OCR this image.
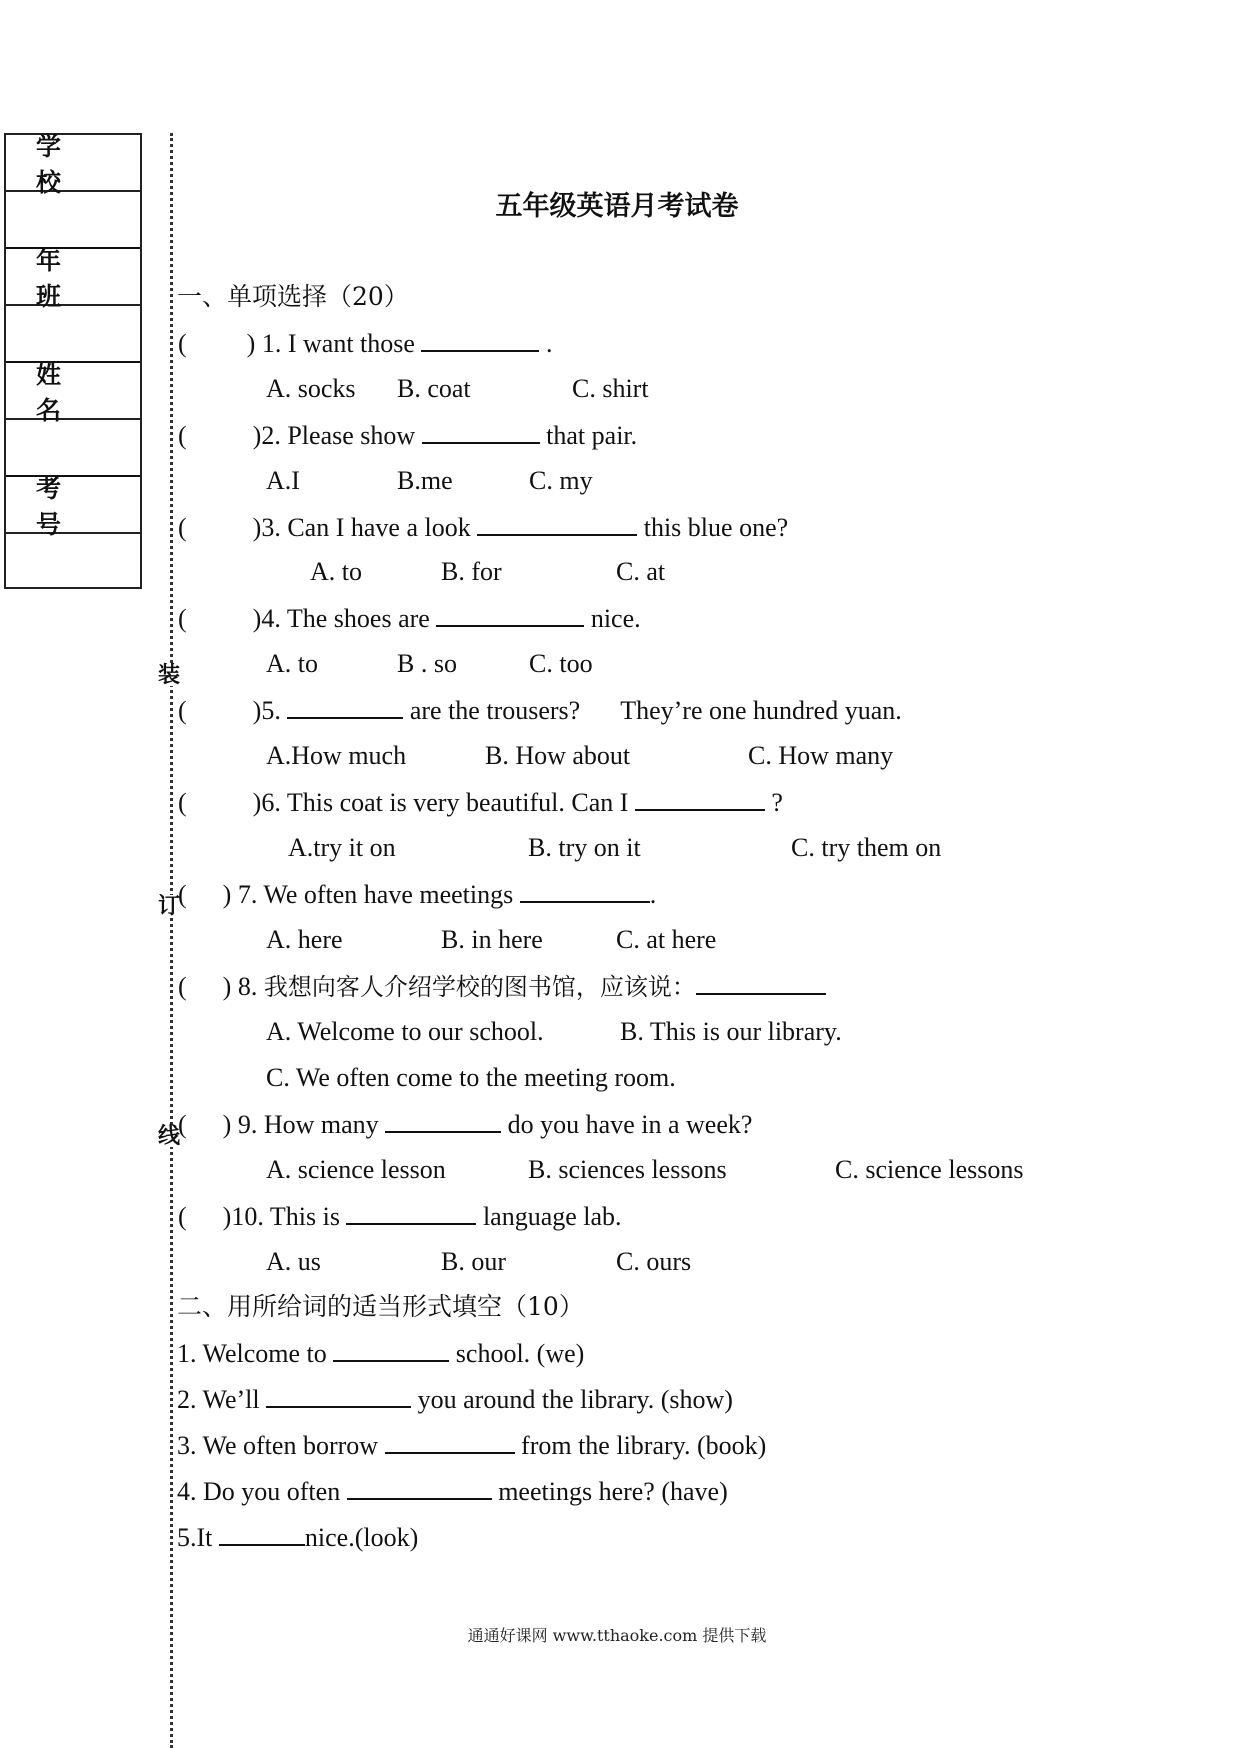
学校
年班
姓名
考号
装
订
线
五年级英语月考试卷
一、单项选择（20）
( ) 1. I want those	.
A. socks B. coat	C. shirt
(	)2. Please show	that pair.
A.I	B.me	C. my
(	)3. Can I have a look	this blue one?
A. to	B. for	C. at
(	)4. The shoes are	nice.
A. to	B . so	C. too
(	)5.	are the trousers? They’re one hundred yuan.
A.How much	B. How about	C. How many
(	)6. This coat is very beautiful. Can I	?
A.try it on	B. try on it	C. try them on
( ) 7. We often have meetings	.
A. here	B. in here	C. at here
( ) 8. 我想向客人介绍学校的图书馆，应该说：
A. Welcome to our school.	B. This is our library.
C. We often come to the meeting room.
( ) 9. How many	do you have in a week?
A. science lesson	B. sciences lessons	C. science lessons
( )10. This is	language lab.
A. us	B. our	C. ours
二、用所给词的适当形式填空（10）
1. Welcome to	school. (we)
2. We’ll	you around the library. (show)
3. We often borrow	from the library. (book)
4. Do you often	meetings here? (have)
5.It	nice.(look)
通通好课网 www.tthaoke.com 提供下载
